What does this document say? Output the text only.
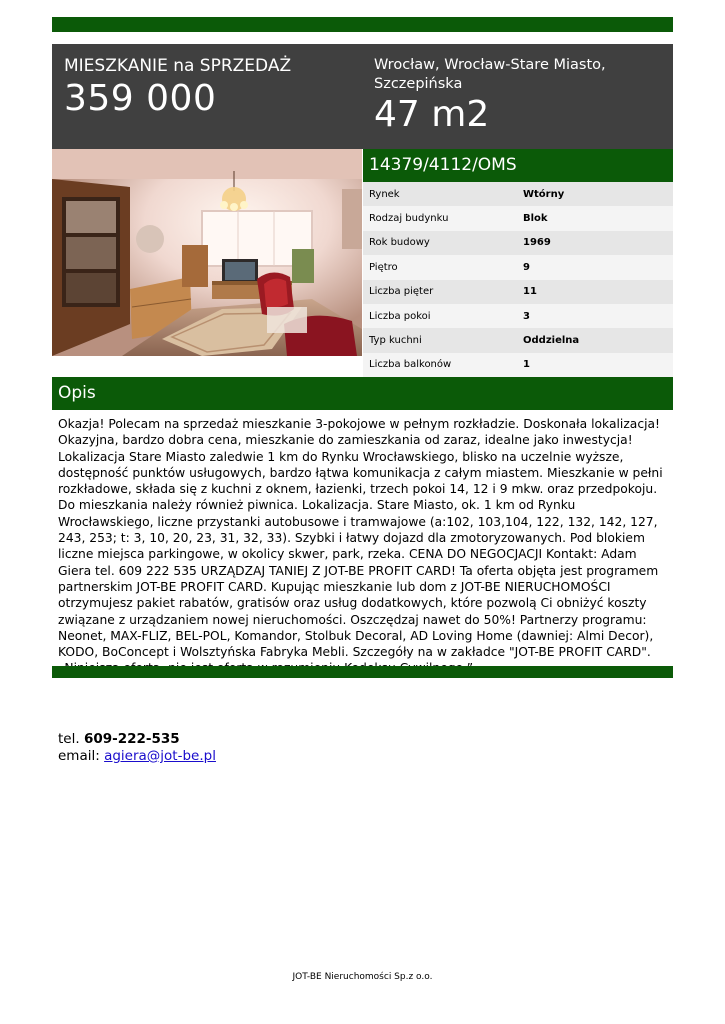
MIESZKANIE na SPRZEDAŻ
359 000
Wrocław, Wrocław-Stare Miasto, Szczepińska
47 m2
14379/4112/OMS
Rynek	Wtórny
Rodzaj budynku	Blok
Rok budowy	1969
Piętro	9
Liczba pięter	11
Liczba pokoi	3
Typ kuchni	Oddzielna
Liczba balkonów	1
Opis
Okazja! Polecam na sprzedaż mieszkanie 3-pokojowe w pełnym rozkładzie. Doskonała lokalizacja! Okazyjna, bardzo dobra cena, mieszkanie do zamieszkania od zaraz, idealne jako inwestycja! Lokalizacja Stare Miasto zaledwie 1 km do Rynku Wrocławskiego, blisko na uczelnie wyższe, dostępność punktów usługowych, bardzo łątwa komunikacja z całym miastem. Mieszkanie w pełni rozkładowe, składa się z kuchni z oknem, łazienki, trzech pokoi 14, 12 i 9 mkw. oraz przedpokoju. Do mieszkania należy również piwnica. Lokalizacja. Stare Miasto, ok. 1 km od Rynku Wrocławskiego, liczne przystanki autobusowe i tramwajowe (a:102, 103,104, 122, 132, 142, 127, 243, 253; t: 3, 10, 20, 23, 31, 32, 33). Szybki i łatwy dojazd dla zmotoryzowanych. Pod blokiem liczne miejsca parkingowe, w okolicy skwer, park, rzeka. CENA DO NEGOCJACJI Kontakt: Adam Giera tel. 609 222 535 URZĄDZAJ TANIEJ Z JOT-BE PROFIT CARD! Ta oferta objęta jest programem partnerskim JOT-BE PROFIT CARD. Kupując mieszkanie lub dom z JOT-BE NIERUCHOMOŚCI otrzymujesz pakiet rabatów, gratisów oraz usług dodatkowych, które pozwolą Ci obniżyć koszty związane z urządzaniem nowej nieruchomości. Oszczędzaj nawet do 50%! Partnerzy programu: Neonet, MAX-FLIZ, BEL-POL, Komandor, Stolbuk Decoral, AD Loving Home (dawniej: Almi Decor), KODO, BoConcept i Wolsztyńska Fabryka Mebli. Szczegóły na w zakładce "JOT-BE PROFIT CARD".
tel. 609-222-535
email: agiera@jot-be.pl
JOT-BE Nieruchomości Sp.z o.o.
